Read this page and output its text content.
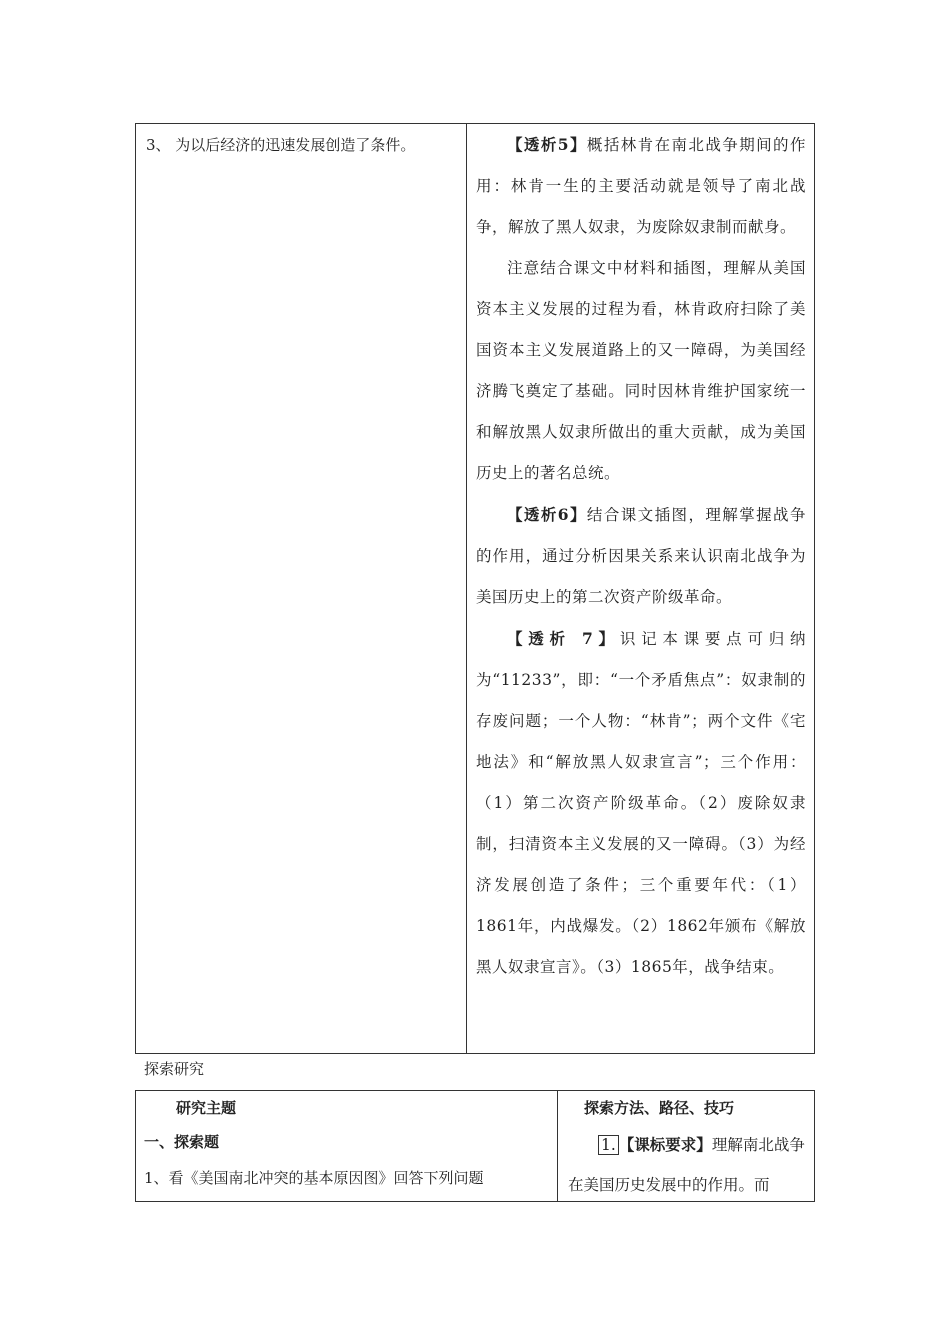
3、 为以后经济的迅速发展创造了条件。	【透析5】概括林肯在南北战争期间的作用：林肯一生的主要活动就是领导了南北战争，解放了黑人奴隶，为废除奴隶制而献身。

注意结合课文中材料和插图，理解从美国资本主义发展的过程为看，林肯政府扫除了美国资本主义发展道路上的又一障碍，为美国经济腾飞奠定了基础。同时因林肯维护国家统一和解放黑人奴隶所做出的重大贡献，成为美国历史上的著名总统。

【透析6】结合课文插图，理解掌握战争的作用，通过分析因果关系来认识南北战争为美国历史上的第二次资产阶级革命。

【透析 7】识记本课要点可归纳为“11233”，即：“一个矛盾焦点”：奴隶制的存废问题；一个人物：“林肯”；两个文件《宅地法》和“解放黑人奴隶宣言”；三个作用：（1）第二次资产阶级革命。（2）废除奴隶制，扫清资本主义发展的又一障碍。（3）为经济发展创造了条件；三个重要年代：（1）1861年，内战爆发。（2）1862年颁布《解放黑人奴隶宣言》。（3）1865年，战争结束。

探索研究
研究主题
一、探索题
1、看《美国南北冲突的基本原因图》回答下列问题
探索方法、路径、技巧
1. 【课标要求】理解南北战争在美国历史发展中的作用。而
